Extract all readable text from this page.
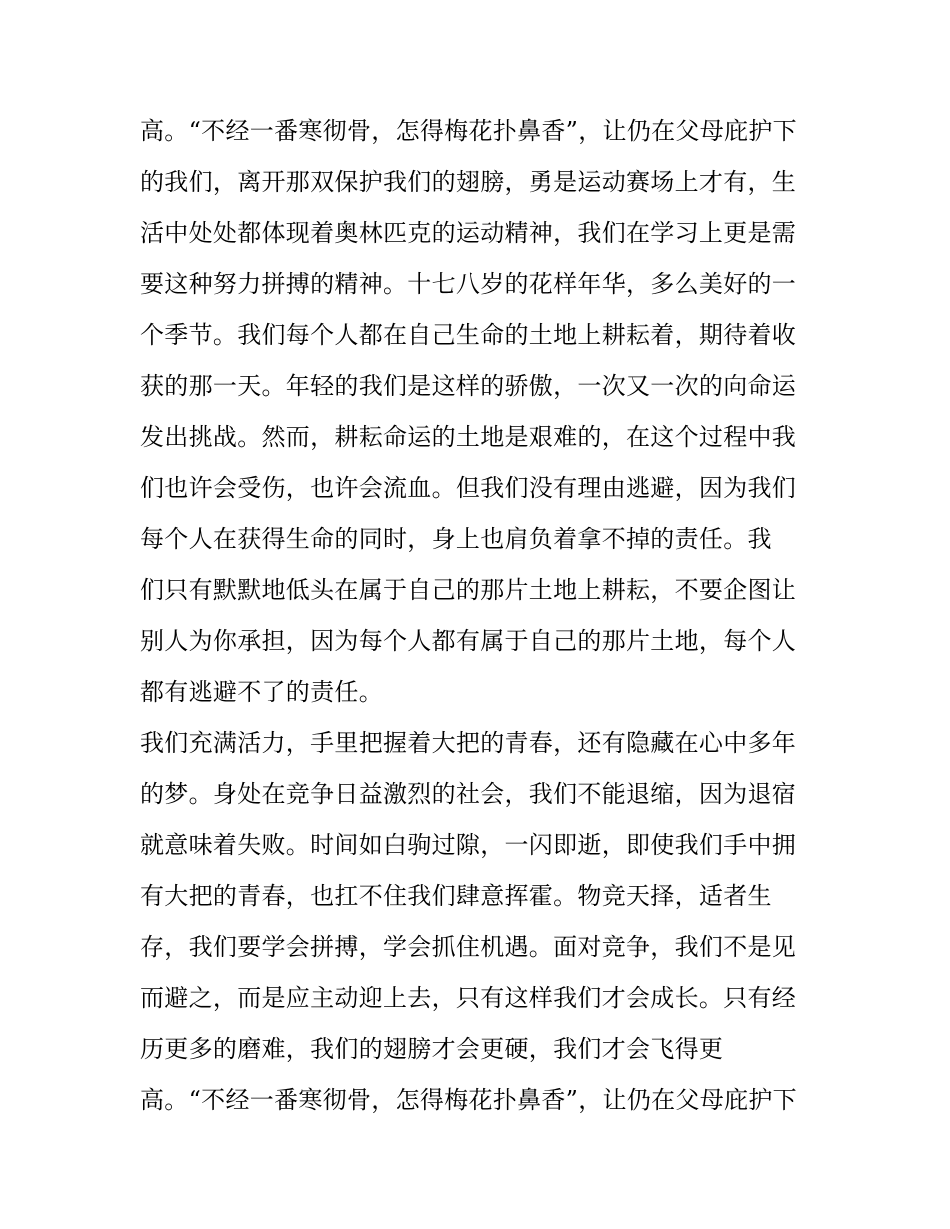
高。“不经一番寒彻骨，怎得梅花扑鼻香”，让仍在父母庇护下
的我们，离开那双保护我们的翅膀，勇是运动赛场上才有，生
活中处处都体现着奥林匹克的运动精神，我们在学习上更是需
要这种努力拼搏的精神。十七八岁的花样年华，多么美好的一
个季节。我们每个人都在自己生命的土地上耕耘着，期待着收
获的那一天。年轻的我们是这样的骄傲，一次又一次的向命运
发出挑战。然而，耕耘命运的土地是艰难的，在这个过程中我
们也许会受伤，也许会流血。但我们没有理由逃避，因为我们
每个人在获得生命的同时，身上也肩负着拿不掉的责任。我
们只有默默地低头在属于自己的那片土地上耕耘，不要企图让
别人为你承担，因为每个人都有属于自己的那片土地，每个人
都有逃避不了的责任。
我们充满活力，手里把握着大把的青春，还有隐藏在心中多年
的梦。身处在竞争日益激烈的社会，我们不能退缩，因为退宿
就意味着失败。时间如白驹过隙，一闪即逝，即使我们手中拥
有大把的青春，也扛不住我们肆意挥霍。物竞天择，适者生
存，我们要学会拼搏，学会抓住机遇。面对竞争，我们不是见
而避之，而是应主动迎上去，只有这样我们才会成长。只有经
历更多的磨难，我们的翅膀才会更硬，我们才会飞得更
高。“不经一番寒彻骨，怎得梅花扑鼻香”，让仍在父母庇护下
